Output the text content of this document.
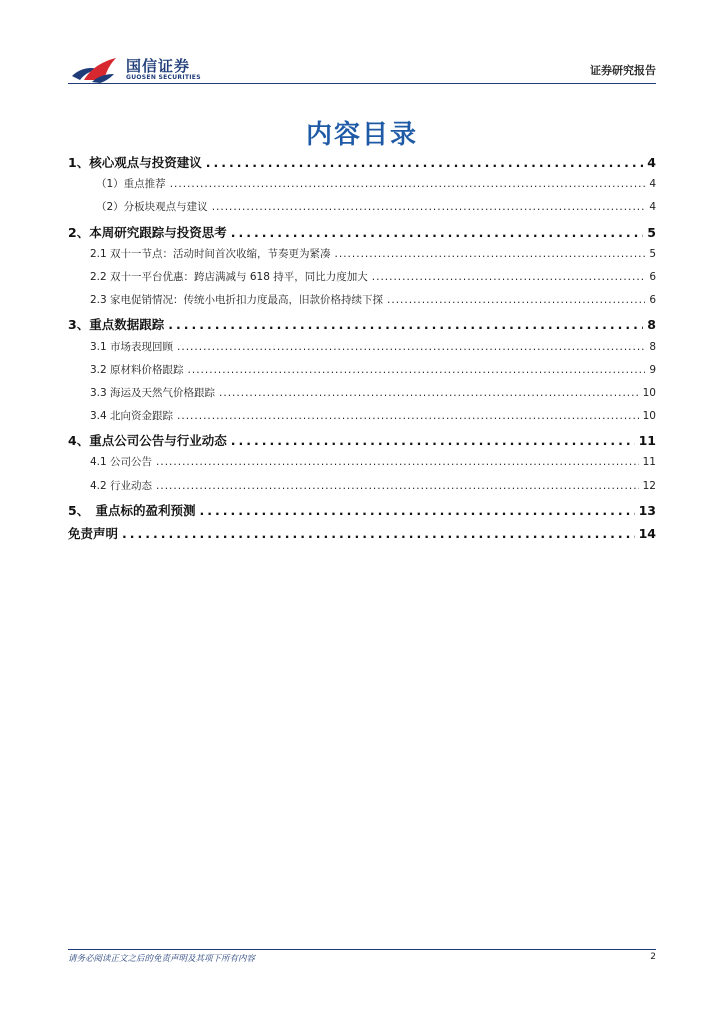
国信证券
GUOSEN SECURITIES
证券研究报告
内容目录
1、核心观点与投资建议 .....	4
（1）重点推荐 .....	4
（2）分板块观点与建议 .....	4
2、本周研究跟踪与投资思考 .....	5
2.1 双十一节点：活动时间首次收缩，节奏更为紧凑 .....	5
2.2 双十一平台优惠：跨店满减与 618 持平，同比力度加大 .....	6
2.3 家电促销情况：传统小电折扣力度最高，旧款价格持续下探 .....	6
3、重点数据跟踪 .....	8
3.1 市场表现回顾 .....	8
3.2 原材料价格跟踪 .....	9
3.3 海运及天然气价格跟踪 .....	10
3.4 北向资金跟踪 .....	10
4、重点公司公告与行业动态 .....	11
4.1 公司公告 .....	11
4.2 行业动态 .....	12
5、　重点标的盈利预测 .....	13
免责声明 .....	14
请务必阅读正文之后的免责声明及其项下所有内容	2
